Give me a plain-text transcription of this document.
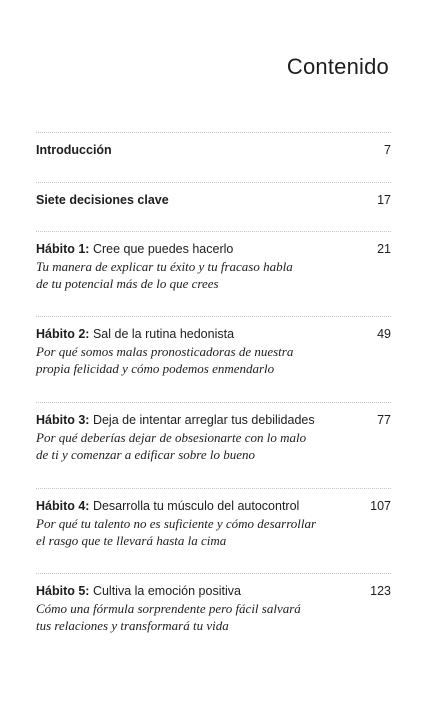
Contenido
Introducción	7
Siete decisiones clave	17
Hábito 1: Cree que puedes hacerlo	21
Tu manera de explicar tu éxito y tu fracaso habla
de tu potencial más de lo que crees
Hábito 2: Sal de la rutina hedonista	49
Por qué somos malas pronosticadoras de nuestra
propia felicidad y cómo podemos enmendarlo
Hábito 3: Deja de intentar arreglar tus debilidades	77
Por qué deberías dejar de obsesionarte con lo malo
de ti y comenzar a edificar sobre lo bueno
Hábito 4: Desarrolla tu músculo del autocontrol	107
Por qué tu talento no es suficiente y cómo desarrollar
el rasgo que te llevará hasta la cima
Hábito 5: Cultiva la emoción positiva	123
Cómo una fórmula sorprendente pero fácil salvará
tus relaciones y transformará tu vida
